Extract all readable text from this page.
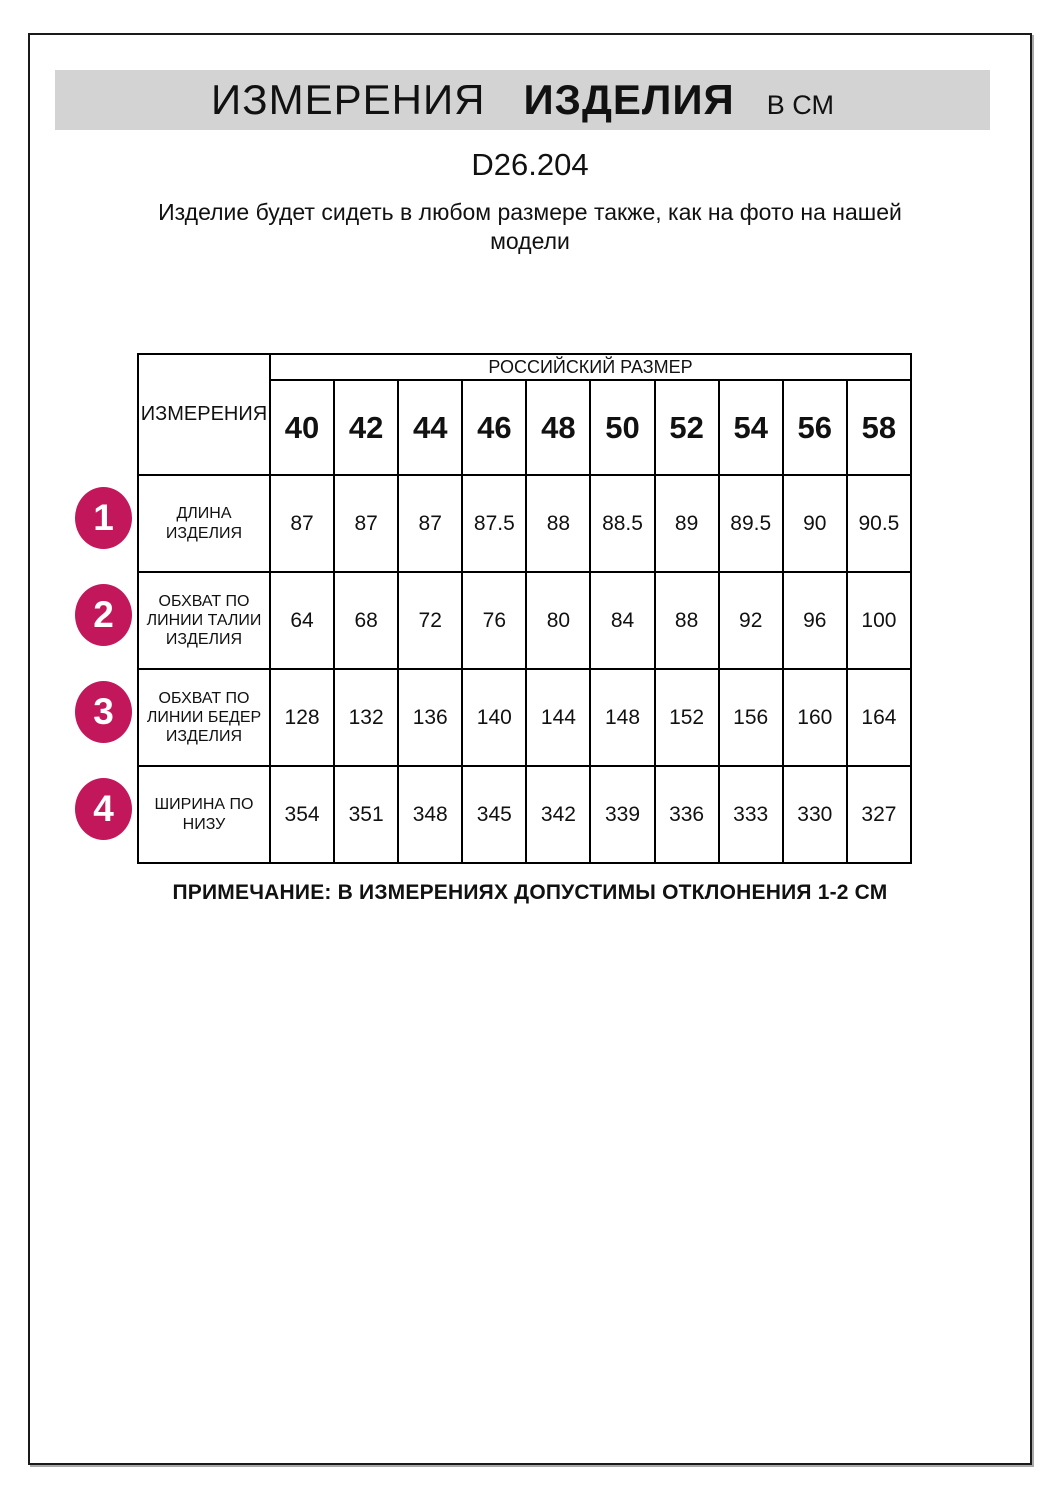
ИЗМЕРЕНИЯ ИЗДЕЛИЯ В СМ
D26.204
Изделие будет сидеть в любом размере также, как на фото на нашей модели
ИЗМЕРЕНИЯ	РОССИЙСКИЙ РАЗМЕР									
	40	42	44	46	48	50	52	54	56	58
ДЛИНА ИЗДЕЛИЯ	87	87	87	87.5	88	88.5	89	89.5	90	90.5
ОБХВАТ ПО ЛИНИИ ТАЛИИ ИЗДЕЛИЯ	64	68	72	76	80	84	88	92	96	100
ОБХВАТ ПО ЛИНИИ БЕДЕР ИЗДЕЛИЯ	128	132	136	140	144	148	152	156	160	164
ШИРИНА ПО НИЗУ	354	351	348	345	342	339	336	333	330	327
1
2
3
4
ПРИМЕЧАНИЕ: В ИЗМЕРЕНИЯХ ДОПУСТИМЫ ОТКЛОНЕНИЯ 1-2 СМ
